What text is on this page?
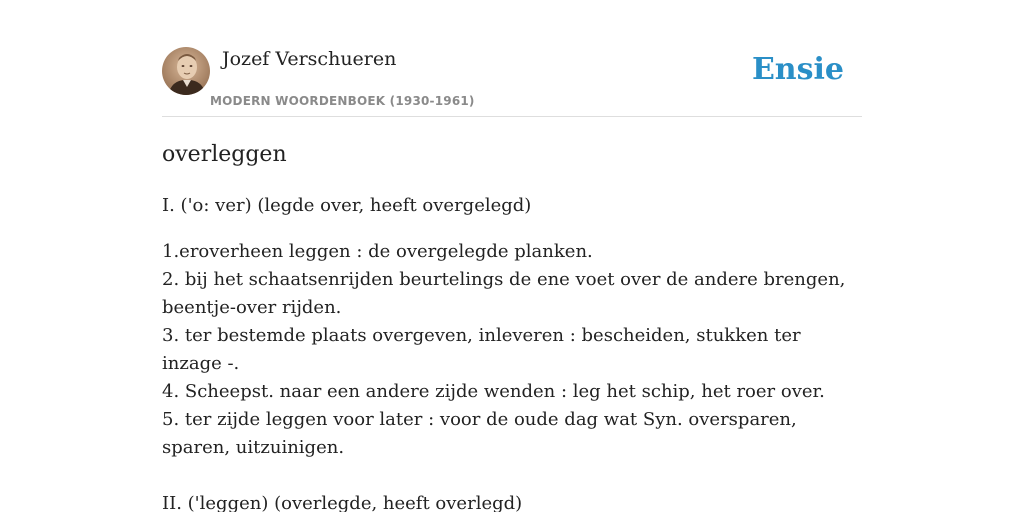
Jozef Verschueren
MODERN WOORDENBOEK (1930-1961)
Ensie
overleggen

I. ('o: ver) (legde over, heeft overgelegd)

1.eroverheen leggen : de overgelegde planken.

2. bij het schaatsenrijden beurtelings de ene voet over de andere brengen, beentje-over rijden.

3. ter bestemde plaats overgeven, inleveren : bescheiden, stukken ter inzage -.

4. Scheepst. naar een andere zijde wenden : leg het schip, het roer over.

5. ter zijde leggen voor later : voor de oude dag wat Syn. oversparen, sparen, uitzuinigen.

II. ('leggen) (overlegde, heeft overlegd)
